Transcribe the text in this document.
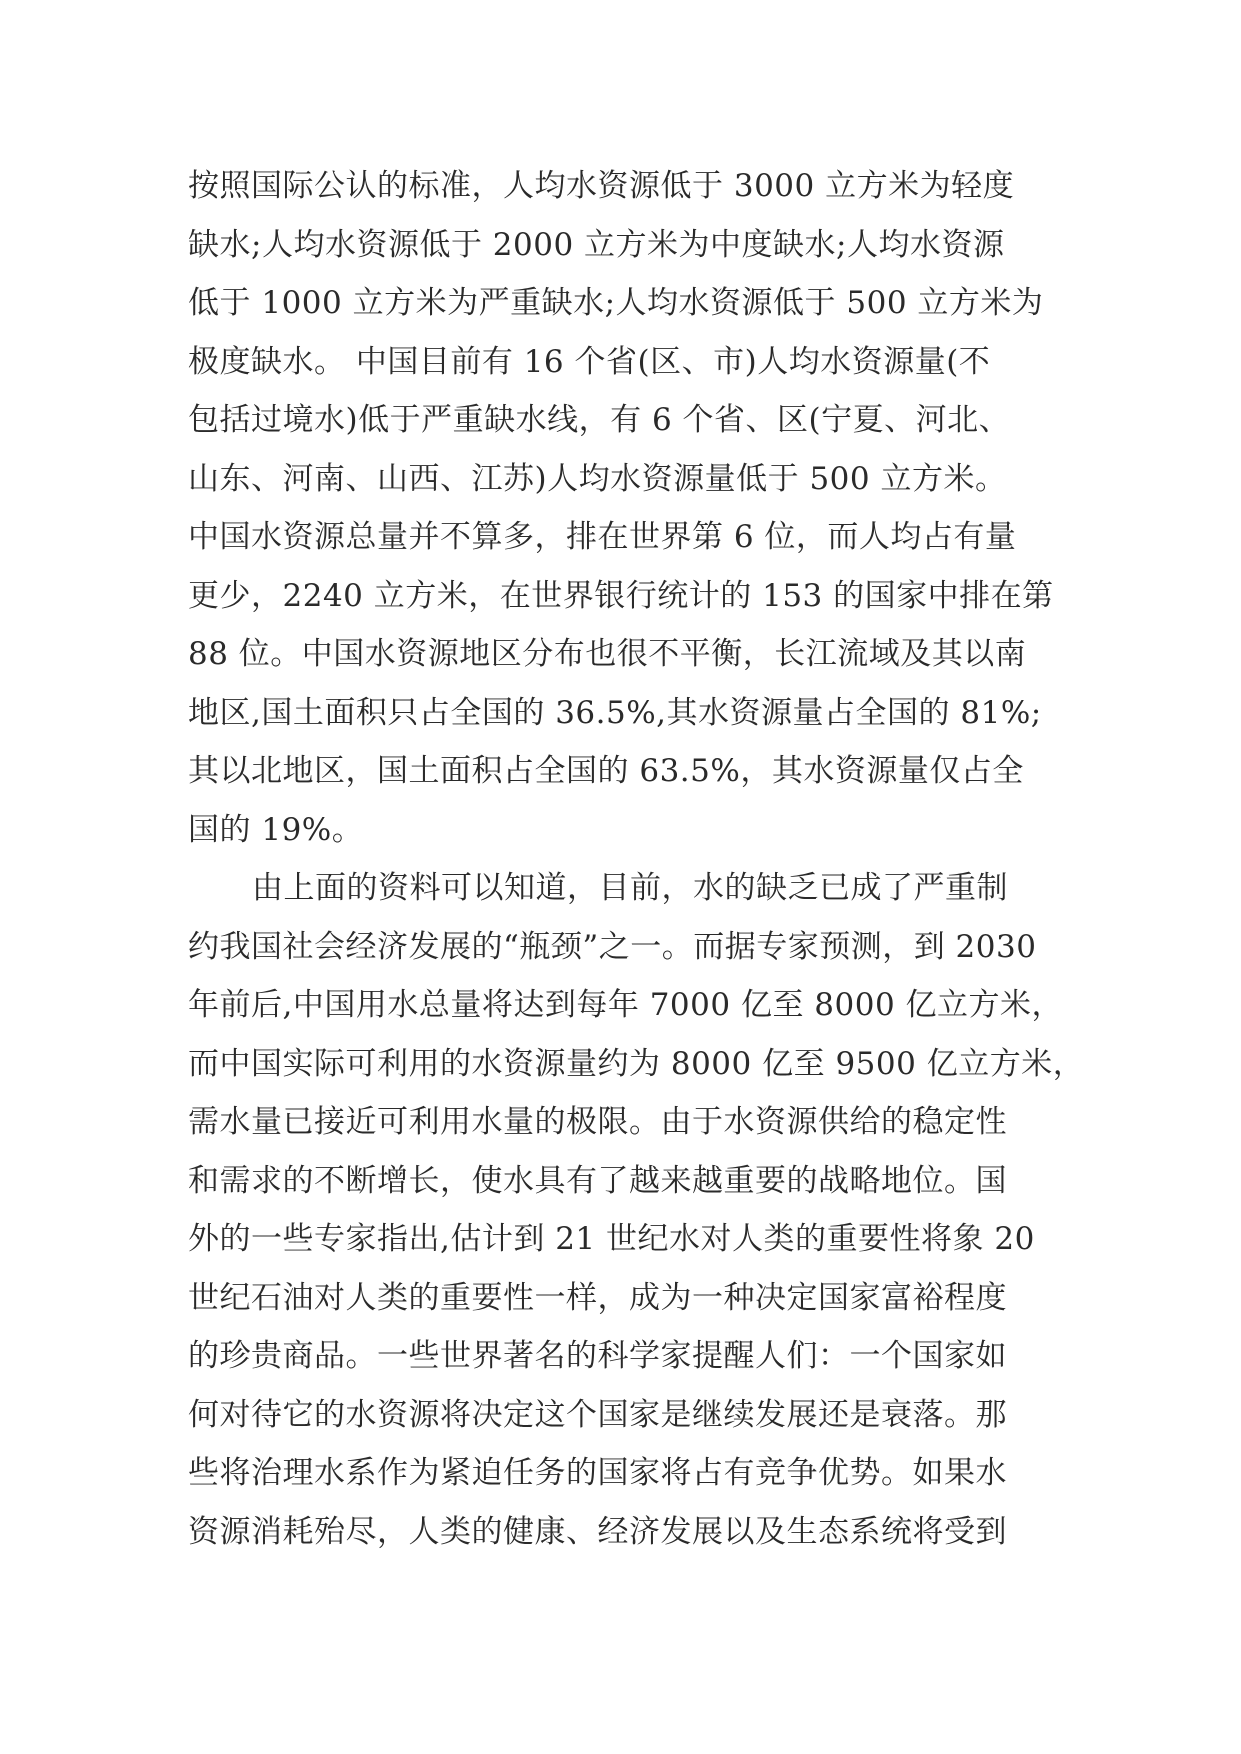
按照国际公认的标准，人均水资源低于 3000 立方米为轻度
缺水;人均水资源低于 2000 立方米为中度缺水;人均水资源
低于 1000 立方米为严重缺水;人均水资源低于 500 立方米为
极度缺水。 中国目前有 16 个省(区、市)人均水资源量(不
包括过境水)低于严重缺水线，有 6 个省、区(宁夏、河北、
山东、河南、山西、江苏)人均水资源量低于 500 立方米。
中国水资源总量并不算多，排在世界第 6 位，而人均占有量
更少，2240 立方米，在世界银行统计的 153 的国家中排在第
88 位。中国水资源地区分布也很不平衡，长江流域及其以南
地区,国土面积只占全国的 36.5%,其水资源量占全国的 81%;
其以北地区，国土面积占全国的 63.5%，其水资源量仅占全
国的 19%。
由上面的资料可以知道，目前，水的缺乏已成了严重制
约我国社会经济发展的“瓶颈”之一。而据专家预测，到 2030
年前后,中国用水总量将达到每年 7000 亿至 8000 亿立方米，
而中国实际可利用的水资源量约为 8000 亿至 9500 亿立方米，
需水量已接近可利用水量的极限。由于水资源供给的稳定性
和需求的不断增长，使水具有了越来越重要的战略地位。国
外的一些专家指出,估计到 21 世纪水对人类的重要性将象 20
世纪石油对人类的重要性一样，成为一种决定国家富裕程度
的珍贵商品。一些世界著名的科学家提醒人们：一个国家如
何对待它的水资源将决定这个国家是继续发展还是衰落。那
些将治理水系作为紧迫任务的国家将占有竞争优势。如果水
资源消耗殆尽，人类的健康、经济发展以及生态系统将受到
